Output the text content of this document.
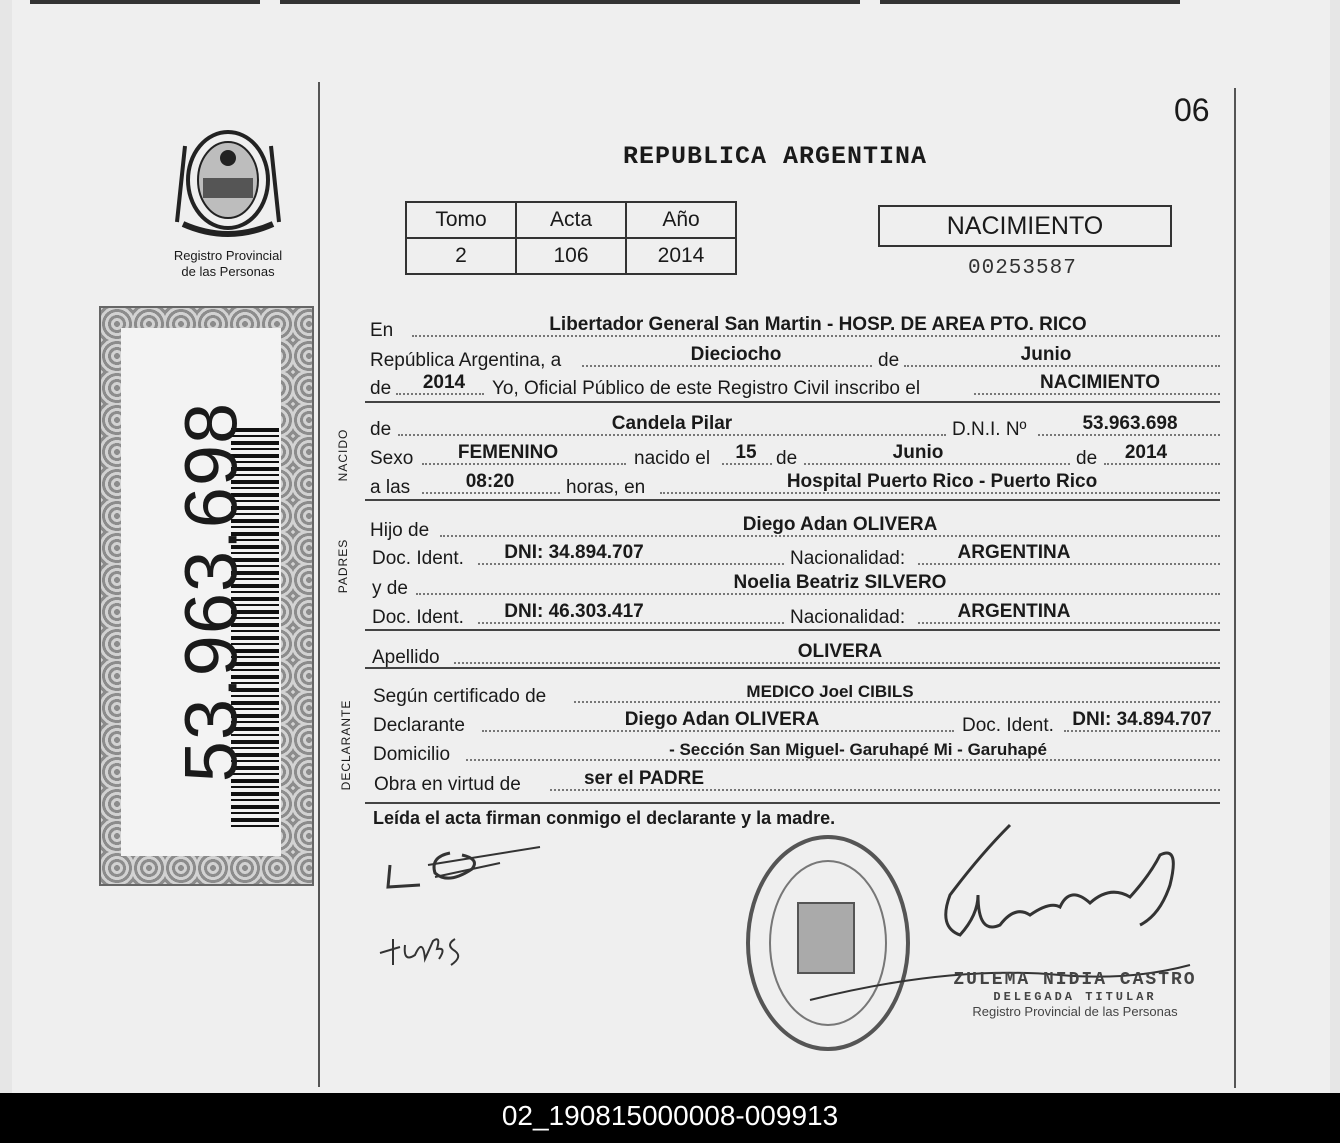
06
REPUBLICA ARGENTINA
Registro Provincial
de las Personas
Tomo	Acta	Año
2	106	2014
NACIMIENTO
00253587
53.963.698	NACIDO
PADRES
DECLARANTE
En	Libertador General San Martin - HOSP. DE AREA PTO. RICO
República Argentina, a	Dieciocho	de	Junio
de 2014 Yo, Oficial Público de este Registro Civil inscribo el	NACIMIENTO
de	Candela Pilar	D.N.I. Nº	53.963.698
Sexo FEMENINO	nacido el 15 de	Junio	de 2014
a las	08:20	horas, en	Hospital Puerto Rico - Puerto Rico
Hijo de	Diego Adan OLIVERA
Doc. Ident. DNI: 34.894.707	Nacionalidad:	ARGENTINA
y de	Noelia Beatriz SILVERO
Doc. Ident. DNI: 46.303.417	Nacionalidad:	ARGENTINA
Apellido	OLIVERA
Según certificado de	MEDICO Joel CIBILS
Declarante	Diego Adan OLIVERA	Doc. Ident. DNI: 34.894.707
Domicilio	- Sección San Miguel- Garuhapé Mi - Garuhapé
Obra en virtud de	ser el PADRE
Leída el acta firman conmigo el declarante y la madre.
ZULEMA NIDIA CASTRO
DELEGADA TITULAR
Registro Provincial de las Personas
02_190815000008-009913
